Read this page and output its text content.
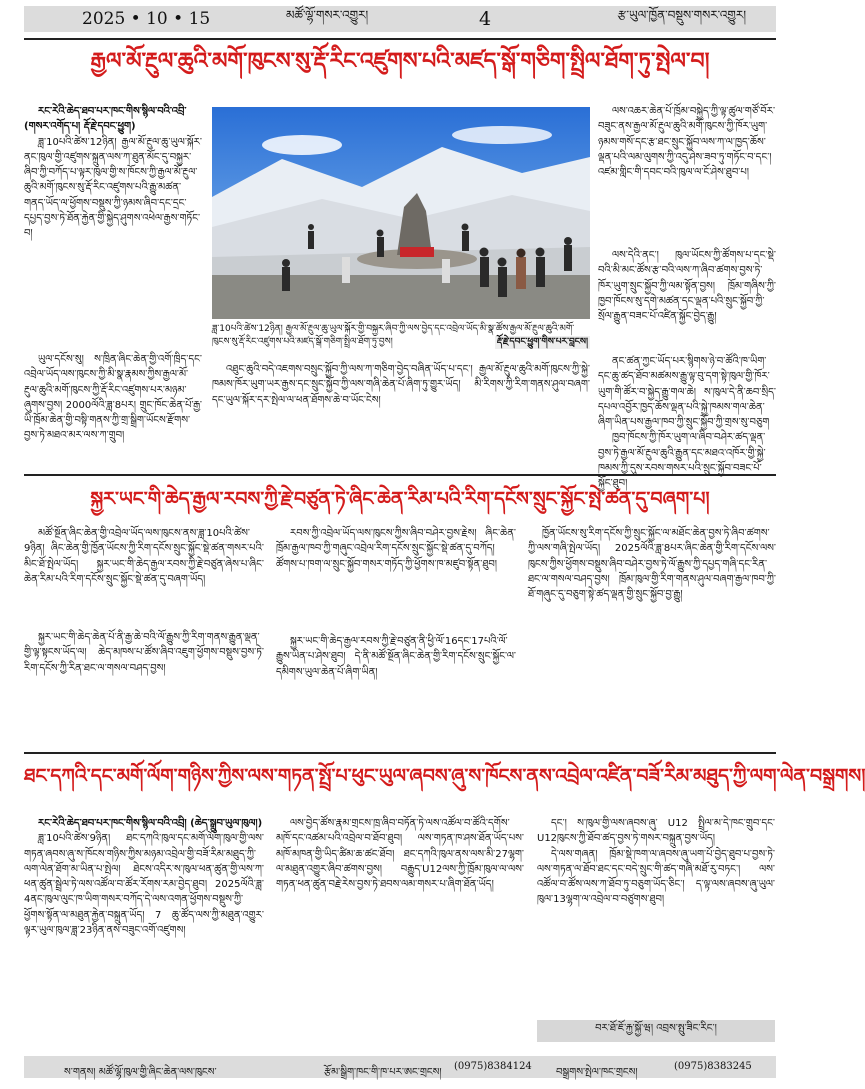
2025 • 10 • 15	མཚོ་ལྷོ་གསར་འགྱུར།	4	རྩ་ཡུལ་ཁྱོན་བསྡུས་གསར་འགྱུར།
རྒྱལ་མོ་རྔུལ་ཆུའི་མགོ་ཁུངས་སུ་རྡོ་རིང་འཛུགས་པའི་མཛད་སྒོ་གཅིག་སྤྲིལ་ཐོག་ཏུ་སྤེལ་བ།

རང་རེའི་ཆེད་ཐབ་པར་ཁང་གིས་སྙིལ་བའི་འབྲི་ (གསར་འགོད་པ། རྡོ་རྗེ་དབང་ཕྱུག)

ཟླ་10པའི་ཚེས་12ཉིན། རྒྱལ་མོ་རྔུལ་ཆུ་ཡུལ་སྐོར་ནང་ཁུལ་གྱི་འཛུགས་སྐྲུན་ལས་ཀ་ཐུན་མོང་དུ་བསྐྱར་ཞིབ་ཀྱི་བཀོད་པ་ལྟར་ཁུལ་གྱི་ས་ཁོངས་ཀྱི་རྒྱལ་མོ་རྔུལ་ཆུའི་མགོ་ཁུངས་སུ་རྡོ་རིང་འཛུགས་པའི་རྒྱུ་མཚན་གནད་ཡོད་ལ་ཕྱོགས་བསྡུས་ཀྱི་ཉམས་ཞིབ་དང་དྲང་དཔྱད་བྱས་ཏེ་ཐོན་རྐྱེན་གྱི་སྐྱེད་ཤུགས་འཕེལ་རྒྱས་གཏོང་བ།

ཡུལ་དངོས་སུ། ས་ཁྲིན་ཞིང་ཆེན་གྱི་འགོ་ཁྲིད་དང་འབྲེལ་ཡོད་ལས་ཁུངས་ཀྱི་མི་སྣ་རྣམས་ཀྱིས་རྒྱལ་མོ་རྔུལ་ཆུའི་མགོ་ཁུངས་ཀྱི་རྡོ་རིང་འཛུགས་པར་མཉམ་ཞུགས་བྱས། 2000ལོའི་ཟླ་8པར། གྲུང་ཁོང་ཆེན་པོ་རྒྱ་ཡི་ཁྲོམ་ཆེན་གྱི་བསྟི་གནས་ཀྱི་གྲ་སྒྲིག་ཡོངས་རྫོགས་བྱས་ཏེ་མཐའ་མར་ལས་ཀ་གྲུབ།

ཟླ་10པའི་ཚེས་12ཉིན། རྒྱལ་མོ་རྔུལ་ཆུ་ཡུལ་སྐོར་གྱི་བསྐྱར་ཞིབ་ཀྱི་ལས་བྱེད་དང་འབྲེལ་ཡོད་མི་སྣ་ཚོས་རྒྱལ་མོ་རྔུལ་ཆུའི་མགོ་ཁུངས་སུ་རྡོ་རིང་འཛུགས་པའི་མཛད་སྒོ་གཅིག་སྤྲིལ་ཐོག་ཏུ་བྱས།	རྡོ་རྗེ་དབང་ཕྱུག་གིས་པར་བླངས།

ལས་འཆར་ཆེན་པོ་ཁྲོམ་བསྐྱེད་ཀྱི་ལྟ་ཚུལ་གཙོ་བོར་བཟུང་ནས་རྒྱལ་མོ་རྔུལ་ཆུའི་མགོ་ཁུངས་ཀྱི་ཁོར་ཡུག་ཉམས་གསོ་དང་རྩ་ཐང་སྲུང་སྐྱོབ་ལས་ཀ་ལ་ཁྱད་ཆོས་ལྡན་པའི་ལམ་ལུགས་ཀྱི་འདུ་ཤེས་ཟབ་ཏུ་གཏོང་བ་དང་། འཛམ་གླིང་གི་དབང་བའི་ཁུལ་ལ་ངོ་ཤེས་ཐུབ་པ།

ལས་དེའི་ནང་། ཁུལ་ཡོངས་ཀྱི་ཚོགས་པ་དང་སྡེ་བའི་མི་མང་ཚོས་རྩ་བའི་ལས་ཀ་ཞིབ་ཚགས་བྱས་ཏེ་ཁོར་ཡུག་སྲུང་སྐྱོབ་ཀྱི་ལམ་སྟོན་བྱས། ཁྲོམ་གཞིས་ཀྱི་ཁྱབ་ཁོངས་སུ་དགེ་མཚན་དང་ལྡན་པའི་སྲུང་སྐྱོབ་ཀྱི་སྲོལ་རྒྱུན་བཟང་པོ་འཛིན་སྐྱོང་བྱེད་རྒྱུ།

འཐུང་ཆུའི་བདེ་འཇགས་བསྲུང་སྐྱོབ་ཀྱི་ལས་ཀ་གཅིག་བྱེད་བཞིན་ཡོད་པ་དང་། རྒྱལ་མོ་རྔུལ་ཆུའི་མགོ་ཁུངས་ཀྱི་སྐྱེ་ཁམས་ཁོར་ཡུག་ཡར་རྒྱས་དང་སྲུང་སྐྱོབ་ཀྱི་ལས་གཞི་ཆེན་པོ་ཞིག་ཏུ་གྱུར་ཡོད། མི་རིགས་ཀྱི་རིག་གནས་ཤུལ་བཞག་དང་ཡུལ་སྐོར་དར་སྤེལ་ལ་ཕན་ཐོགས་ཆེ་བ་ཡོང་ངེས།

ནང་ཚན་ཀྱང་ཡོད་པར་སྙིགས་ཉེ་བ་ཚོའི་ཁ་ཡིག་དང་ཆུ་ཚད་ཐོབ་མཚམས་རྒྱུ་ལྟ་བུ་དག་སྟེ་ཁུལ་གྱི་ཁོར་ཡུག་གི་ཚོར་བ་སྐྱེད་རྒྱུ་གལ་ཆེ། ས་ཁུལ་དེ་ནི་ཆབ་སྲིད་དཔལ་འབྱོར་ཁྱད་ཆོས་ལྡན་པའི་སྐྱེ་ཁམས་གལ་ཆེན་ཞིག་ཡིན་པས་རྒྱལ་ཁབ་ཀྱི་སྲུང་སྐྱོབ་ཀྱི་གྲས་སུ་བཅུག

ཁྱབ་ཁོངས་ཀྱི་ཁོར་ཡུག་ལ་ཞིབ་བཤེར་ཚད་ལྡན་བྱས་ཏེ་རྒྱལ་མོ་རྔུལ་ཆུའི་རྒྱུན་དང་མཐའ་འཁོར་གྱི་སྐྱེ་ཁམས་ཀྱི་དུས་རབས་གསར་པའི་སྲུང་སྐྱོབ་བཟང་པོ་སྐྱོང་ཐུབ།

སྐྱར་ཡང་གི་ཆེད་རྒྱལ་རབས་ཀྱི་རྗེ་བཙུན་ཏེ་ཞིང་ཆེན་རིམ་པའི་རིག་དངོས་སྲུང་སྐྱོང་སྤེ་ཚན་དུ་བཞག་པ།

མཚོ་སྔོན་ཞིང་ཆེན་གྱི་འབྲེལ་ཡོད་ལས་ཁུངས་ནས་ཟླ་10པའི་ཚེས་9ཉིན། ཞིང་ཆེན་གྱི་ཁྱོན་ཡོངས་ཀྱི་རིག་དངོས་སྲུང་སྐྱོང་སྡེ་ཚན་གསར་པའི་མིང་ཐོ་སྤེལ་ཡོད། སྐྱར་ཡང་གི་ཆེད་རྒྱལ་རབས་ཀྱི་རྗེ་བཙུན་ཞེས་པ་ཞིང་ཆེན་རིམ་པའི་རིག་དངོས་སྲུང་སྐྱོང་སྡེ་ཚན་དུ་བཞག་ཡོད།

སྐྱར་ཡང་གི་ཆེད་ཆེན་པོ་ནི་རྒྱ་ཆེ་བའི་ལོ་རྒྱུས་ཀྱི་རིག་གནས་རྒྱུན་ལྡན་གྱི་ལྟ་སྟངས་ཡོད་ལ། ཆེད་མཁས་པ་ཚོས་ཞིབ་འཇུག་ཕྱོགས་བསྡུས་བྱས་ཏེ་རིག་དངོས་ཀྱི་རིན་ཐང་ལ་གསལ་བཤད་བྱས།

རབས་ཀྱི་འབྲེལ་ཡོད་ལས་ཁུངས་ཀྱིས་ཞིབ་བཤེར་བྱས་རྗེས། ཞིང་ཆེན་ཁྲོམ་རྒྱལ་ཁབ་ཀྱི་གཞུང་འབྲེལ་རིག་དངོས་སྲུང་སྐྱོང་སྡེ་ཚན་དུ་བཀོད། ཚོགས་པ་ཁག་ལ་སྲུང་སྐྱོབ་གསར་གཏོད་ཀྱི་ཕྱོགས་ཁ་མཛུབ་སྟོན་ཐུབ།

སྐྱར་ཡང་གི་ཆེད་རྒྱལ་རབས་ཀྱི་རྗེ་བཙུན་ནི་ཕྱི་ལོ་16དང་17པའི་ལོ་རྒྱུས་ཡིན་པ་ཤེས་ཐུབ། དེ་ནི་མཚོ་སྔོན་ཞིང་ཆེན་གྱི་རིག་དངོས་སྲུང་སྐྱོང་ལ་དམིགས་ཡུལ་ཆེན་པོ་ཞིག་ཡིན།

ཁྱོན་ཡོངས་སུ་རིག་དངོས་ཀྱི་སྲུང་སྐྱོང་ལ་མཐོང་ཆེན་བྱས་ཏེ་ཞིབ་ཚགས་ཀྱི་ལས་གཞི་སྤེལ་ཡོད། 2025ལོའི་ཟླ་8པར་ཞིང་ཆེན་གྱི་རིག་དངོས་ལས་ཁུངས་ཀྱིས་ཕྱོགས་བསྡུས་ཞིབ་བཤེར་བྱས་ཏེ་ལོ་རྒྱུས་ཀྱི་དཔྱད་གཞི་དང་རིན་ཐང་ལ་གསལ་བཤད་བྱས། ཁྲོམ་ཁུལ་གྱི་རིག་གནས་ཤུལ་བཞག་རྒྱལ་ཁབ་ཀྱི་ཐོ་གཞུང་དུ་བཅུག་སྟེ་ཚད་ལྡན་གྱི་སྲུང་སྐྱོབ་བྱ་རྒྱུ།

ཐང་དཀའི་དང་མགོ་ལོག་གཉིས་ཀྱིས་ལས་གཏན་སྤྲོ་པ་ཕུང་ཡུལ་ཞབས་ཞུ་ས་ཁོངས་ནས་འབྲེལ་འཛིན་བཟོ་རིམ་མཐུད་ཀྱི་ལག་ལེན་བསྒྲགས།

རང་རེའི་ཆེད་ཐབ་པར་ཁང་གིས་སྙིལ་བའི་འབྲི། (ཆེད་སྒྲུབ་ཡུལ་ཁུལ།)

ཟླ་10པའི་ཚེས་9ཉིན། ཐང་དཀའི་ཁུལ་དང་མགོ་ལོག་ཁུལ་གྱི་ལས་གཏན་ཞབས་ཞུ་ས་ཁོངས་གཉིས་ཀྱིས་མཉམ་འབྲེལ་གྱི་བཟོ་རིམ་མཐུད་ཀྱི་ལག་ལེན་ཐོག་མ་ཡིན་པ་སྤེལ། ཐེངས་འདིར་ས་ཁུལ་ཕན་ཚུན་གྱི་ལས་ཀ་ཕན་ཚུན་སྦྲེལ་ཏེ་ལས་འཚོལ་བ་ཚོར་རོགས་རམ་བྱེད་ཐུབ། 2025ལོའི་ཟླ་4ནང་ཁུལ་ལུང་ཁ་ཡིག་གསར་བཀོད་དེ་ལས་འགན་ཕྱོགས་བསྡུས་ཀྱི་ཕྱོགས་སྟོན་ལ་མཐུན་རྐྱེན་བསྐྲུན་ཡོད། 7 ཆུ་ཚོད་ལས་ཀྱི་མཐུན་འགྱུར་ལྟར་ཡུལ་ཁུལ་ཟླ་23ཉིན་ནས་བཟུང་འགོ་འཛུགས།

ལས་བྱེད་ཚོས་རྣམ་གྲངས་ཁྲ་ཞིབ་བཏོན་ཏེ་ལས་འཚོལ་བ་ཚོའི་དགོས་མཁོ་དང་འཚམ་པའི་འབྲེལ་བ་ཐོབ་ཐུབ། ལས་གཏན་ཁ་ཤས་ཐོན་ཡོད་པས་མཁོ་མཁན་གྱི་ཡིད་ཚིམ་ཆ་ཚང་ཐོབ། ཐང་དཀའི་ཁུལ་ནས་ལས་མི་27ལྷག་ལ་མཐུན་འགྱུར་ཞིབ་ཚགས་བྱས། བརྒྱུད་U12ལས་ཀྱི་ཁྲོམ་ཁུལ་ལ་ལས་གཏན་ཕན་ཚུན་བརྗེ་རེས་བྱས་ཏེ་ཐབས་ལམ་གསར་པ་ཞིག་ཐོན་ཡོད།

དང་། ས་ཁུལ་གྱི་ལས་ཞབས་ཞུ་ U12 སྤྲིལ་མ་དེ་ཁང་གྲུབ་དང་U12ཁུངས་ཀྱི་ཐོབ་ཚད་བྱས་ཏེ་གསར་བསྐྲུན་བྱས་ཡོད།

དེ་ལས་གཞན། ཁྲོམ་སྡེ་ཁག་ལ་ཞབས་ཞུ་ཡག་པོ་བྱེད་ཐུབ་པ་བྱས་ཏེ་ལས་གཏན་ལ་ཐོབ་ཐང་དང་བདེ་སྲུང་གི་ཚད་གཞི་མཐོ་རུ་བཏང་། ལས་འཚོལ་བ་ཚོས་ལས་ཀ་ཐོབ་ཏུ་བཅུག་ཡོད་ཅིང་། ད་ལྟ་ལས་ཞབས་ཞུ་ཡུལ་ཁུལ་13ལྷག་ལ་འབྲེལ་བ་བཙུགས་ཐུབ།

བར་ཐོ་ཇོ་རྐྱ་སྐྱོ་ཝ། འབྲས་སྤུ་ཟིང་རིང་།
ས་གནས། མཚོ་ལྷོ་ཁུལ་གྱི་ཞིང་ཆེན་ལས་ཁུངས་	རྩོམ་སྒྲིག་ཁང་གི་ཁ་པར་ཨང་གྲངས།
(0975)8384124
བསྒྲགས་སྤེལ་ཁང་གྲངས།
(0975)8383245
